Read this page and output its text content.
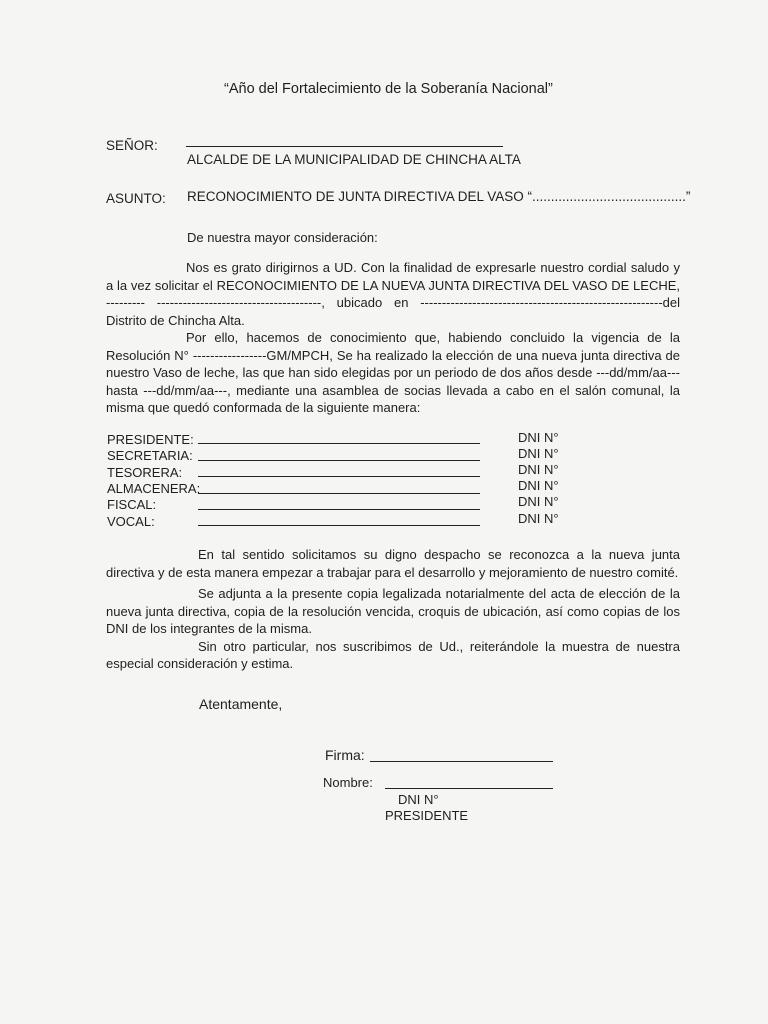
“Año del Fortalecimiento de la Soberanía Nacional”
SEÑOR:
ALCALDE DE LA MUNICIPALIDAD DE CHINCHA ALTA
ASUNTO: RECONOCIMIENTO DE JUNTA DIRECTIVA DEL VASO “.........................................”
De nuestra mayor consideración:

Nos es grato dirigirnos a UD. Con la finalidad de expresarle nuestro cordial saludo y a la vez solicitar el RECONOCIMIENTO DE LA NUEVA JUNTA DIRECTIVA DEL VASO DE LECHE, --------- --------------------------------------, ubicado en --------------------------------------------------------del Distrito de Chincha Alta.

Por ello, hacemos de conocimiento que, habiendo concluido la vigencia de la Resolución N° -----------------GM/MPCH, Se ha realizado la elección de una nueva junta directiva de nuestro Vaso de leche, las que han sido elegidas por un periodo de dos años desde ---dd/mm/aa--- hasta ---dd/mm/aa---, mediante una asamblea de socias llevada a cabo en el salón comunal, la misma que quedó conformada de la siguiente manera:

PRESIDENTE:	DNI N°
SECRETARIA:	DNI N°
TESORERA:	DNI N°
ALMACENERA:	DNI N°
FISCAL:	DNI N°
VOCAL:	DNI N°

En tal sentido solicitamos su digno despacho se reconozca a la nueva junta directiva y de esta manera empezar a trabajar para el desarrollo y mejoramiento de nuestro comité.

Se adjunta a la presente copia legalizada notarialmente del acta de elección de la nueva junta directiva, copia de la resolución vencida, croquis de ubicación, así como copias de los DNI de los integrantes de la misma.

Sin otro particular, nos suscribimos de Ud., reiterándole la muestra de nuestra especial consideración y estima.

Atentamente,
Firma:
Nombre:
DNI N°
PRESIDENTE
